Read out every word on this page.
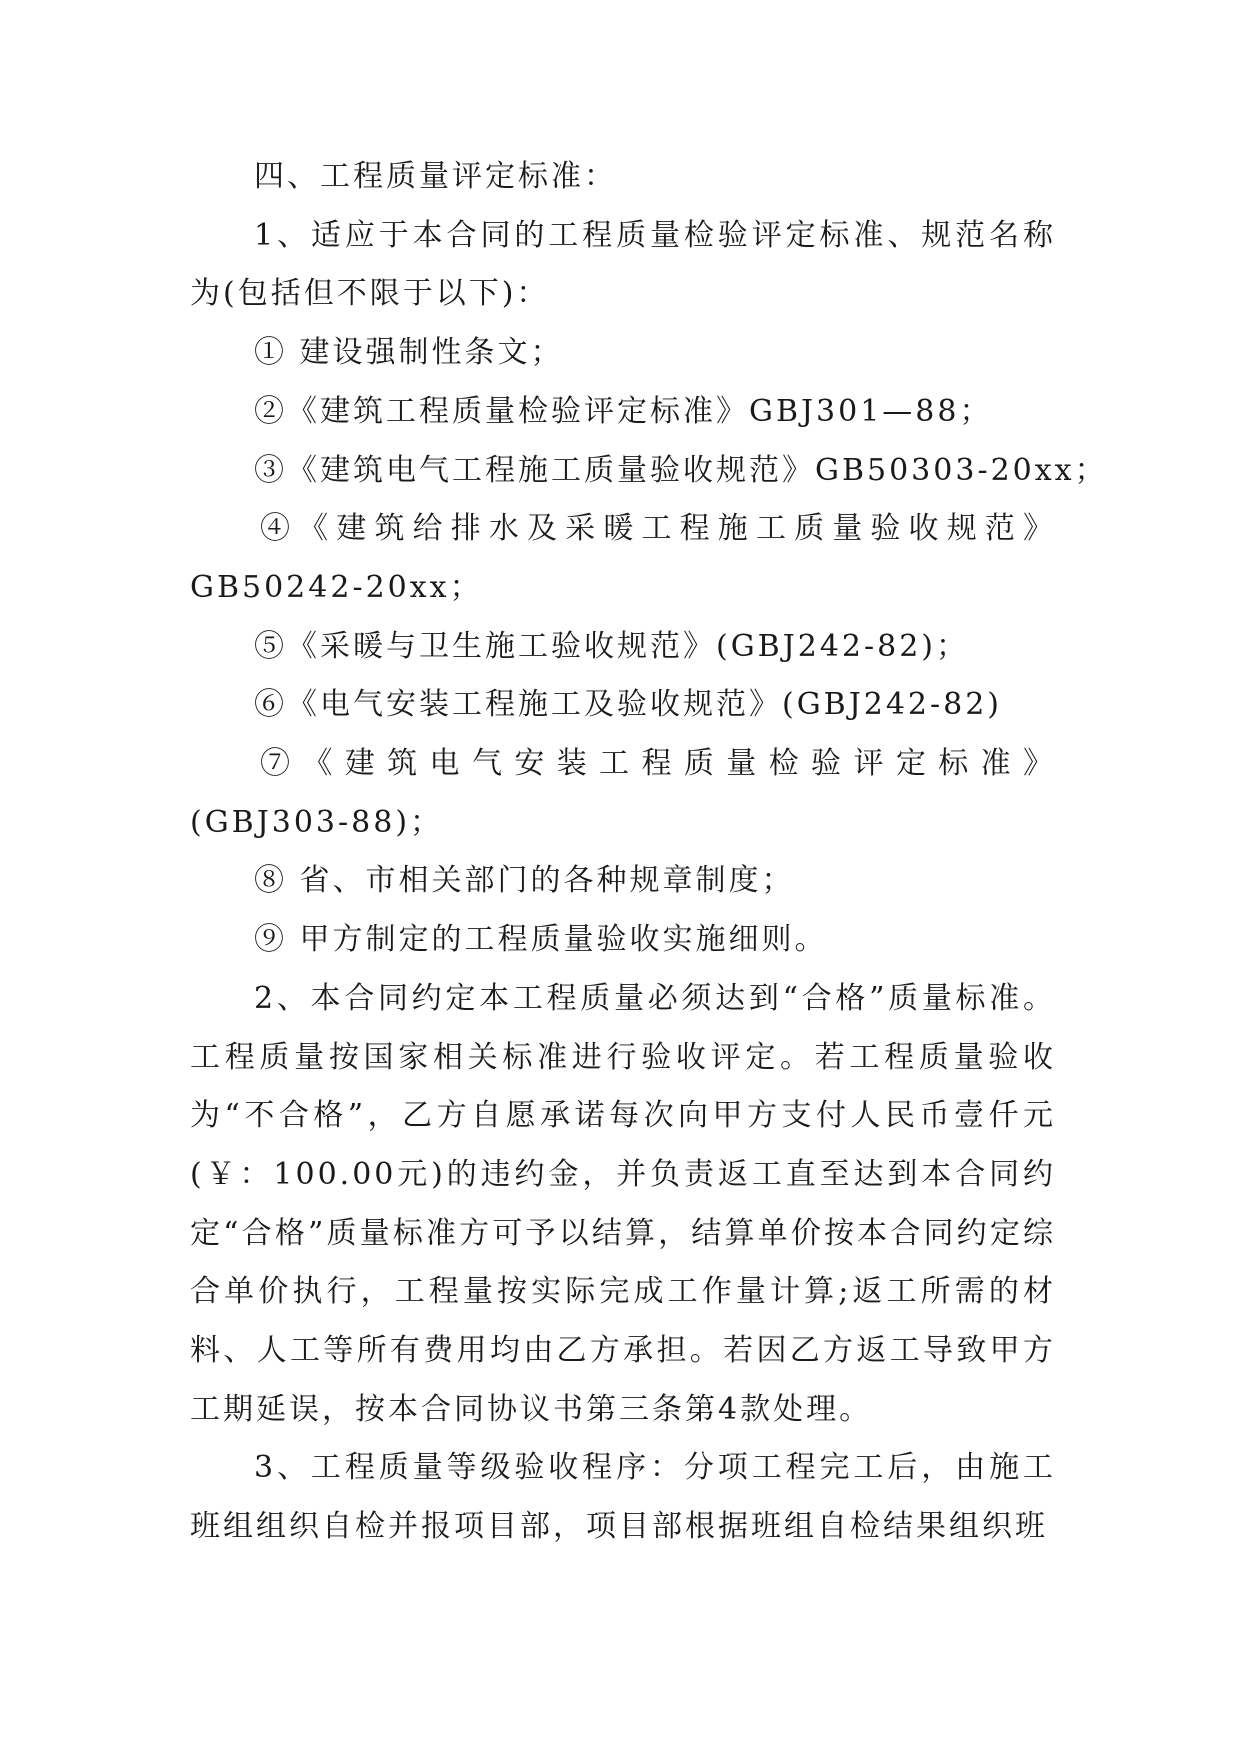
四、工程质量评定标准：

1、适应于本合同的工程质量检验评定标准、规范名称为(包括但不限于以下)：

① 建设强制性条文；

②《建筑工程质量检验评定标准》GBJ301—88；

③《建筑电气工程施工质量验收规范》GB50303-20xx；

④《建筑给排水及采暖工程施工质量验收规范》

GB50242-20xx；

⑤《采暖与卫生施工验收规范》(GBJ242-82)；

⑥《电气安装工程施工及验收规范》(GBJ242-82)

⑦《建筑电气安装工程质量检验评定标准》

(GBJ303-88)；

⑧ 省、市相关部门的各种规章制度；

⑨ 甲方制定的工程质量验收实施细则。

2、本合同约定本工程质量必须达到“合格”质量标准。工程质量按国家相关标准进行验收评定。若工程质量验收为“不合格”，乙方自愿承诺每次向甲方支付人民币壹仟元(￥：100.00元)的违约金，并负责返工直至达到本合同约定“合格”质量标准方可予以结算，结算单价按本合同约定综合单价执行，工程量按实际完成工作量计算;返工所需的材料、人工等所有费用均由乙方承担。若因乙方返工导致甲方工期延误，按本合同协议书第三条第4款处理。

3、工程质量等级验收程序：分项工程完工后，由施工班组组织自检并报项目部，项目部根据班组自检结果组织班
